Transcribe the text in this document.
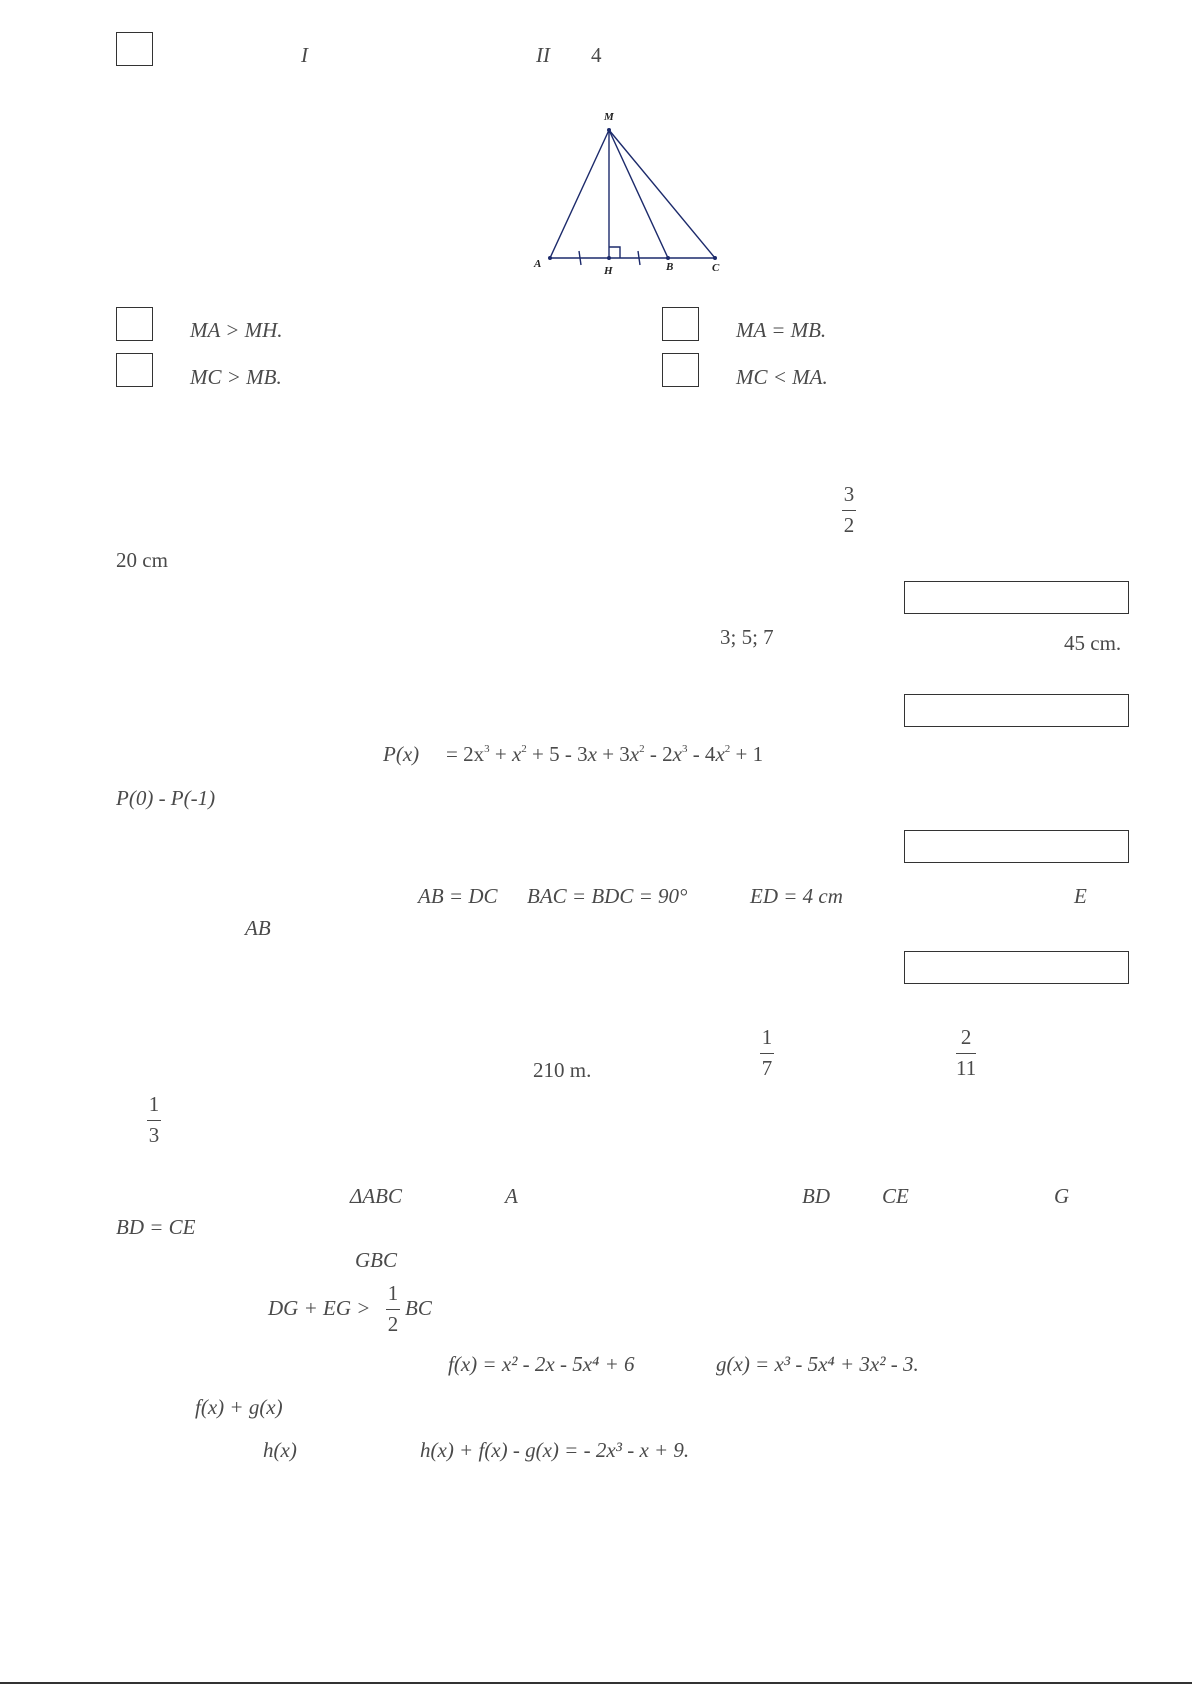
I	II 4
M
A
H	B	C
MA > MH.	MA = MB.
MC > MB.	MC < MA.
3
2
20 cm
3; 5; 7	45 cm.
$P(x) = 2x^3 + x^2 + 5 - 3x + 3x^2 - 2x^3 - 4x^2 + 1$
P(0) - P(-1)
AB = DC BAC = BDC = 90°	ED = 4 cm	E
AB
210 m.
1
7
2
11
1
3
ΔABC	A	BD CE	G
BD = CE
GBC
DG + EG >
1
2
BC
f(x) = x² - 2x - 5x⁴ + 6	g(x) = x³ - 5x⁴ + 3x² - 3.
f(x) + g(x)
h(x)	h(x) + f(x) - g(x) = - 2x³ - x + 9.
